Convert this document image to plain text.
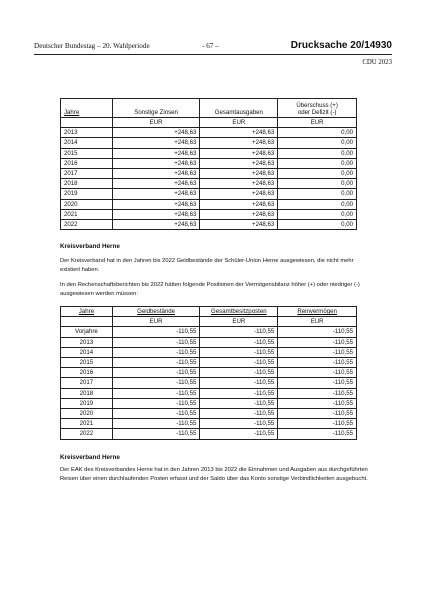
Deutscher Bundestag – 20. Wahlperiode	- 67 –	Drucksache 20/14930
CDU 2023
Jahre	Sonstige Zinsen	Gesamtausgaben	Überschuss (+)
oder Defizit (-)
	EUR	EUR	EUR
2013	+248,63	+248,63	0,00
2014	+248,63	+248,63	0,00
2015	+248,63	+248,63	0,00
2016	+248,63	+248,63	0,00
2017	+248,63	+248,63	0,00
2018	+248,63	+248,63	0,00
2019	+248,63	+248,63	0,00
2020	+248,63	+248,63	0,00
2021	+248,63	+248,63	0,00
2022	+248,63	+248,63	0,00
Kreisverband Herne
Der Kreisverband hat in den Jahren bis 2022 Geldbestände der Schüler-Union Herne ausgewiesen, die nicht mehr existiert haben.
In den Rechenschaftsberichten bis 2022 hätten folgende Positionen der Vermögensbilanz höher (+) oder niedriger (-) ausgewiesen werden müssen:
Jahre	Geldbestände	Gesamtbesitzposten	Reinvermögen
	EUR	EUR	EUR
Vorjahre	-110,55	-110,55	-110,55
2013	-110,55	-110,55	-110,55
2014	-110,55	-110,55	-110,55
2015	-110,55	-110,55	-110,55
2016	-110,55	-110,55	-110,55
2017	-110,55	-110,55	-110,55
2018	-110,55	-110,55	-110,55
2019	-110,55	-110,55	-110,55
2020	-110,55	-110,55	-110,55
2021	-110,55	-110,55	-110,55
2022	-110,55	-110,55	-110,55
Kreisverband Herne
Der EAK des Kreisverbandes Herne hat in den Jahren 2013 bis 2022 die Einnahmen und Ausgaben aus durchgeführten Reisen über einen durchlaufenden Posten erfasst und der Saldo über das Konto sonstige Verbindlichkeiten ausgebucht.
